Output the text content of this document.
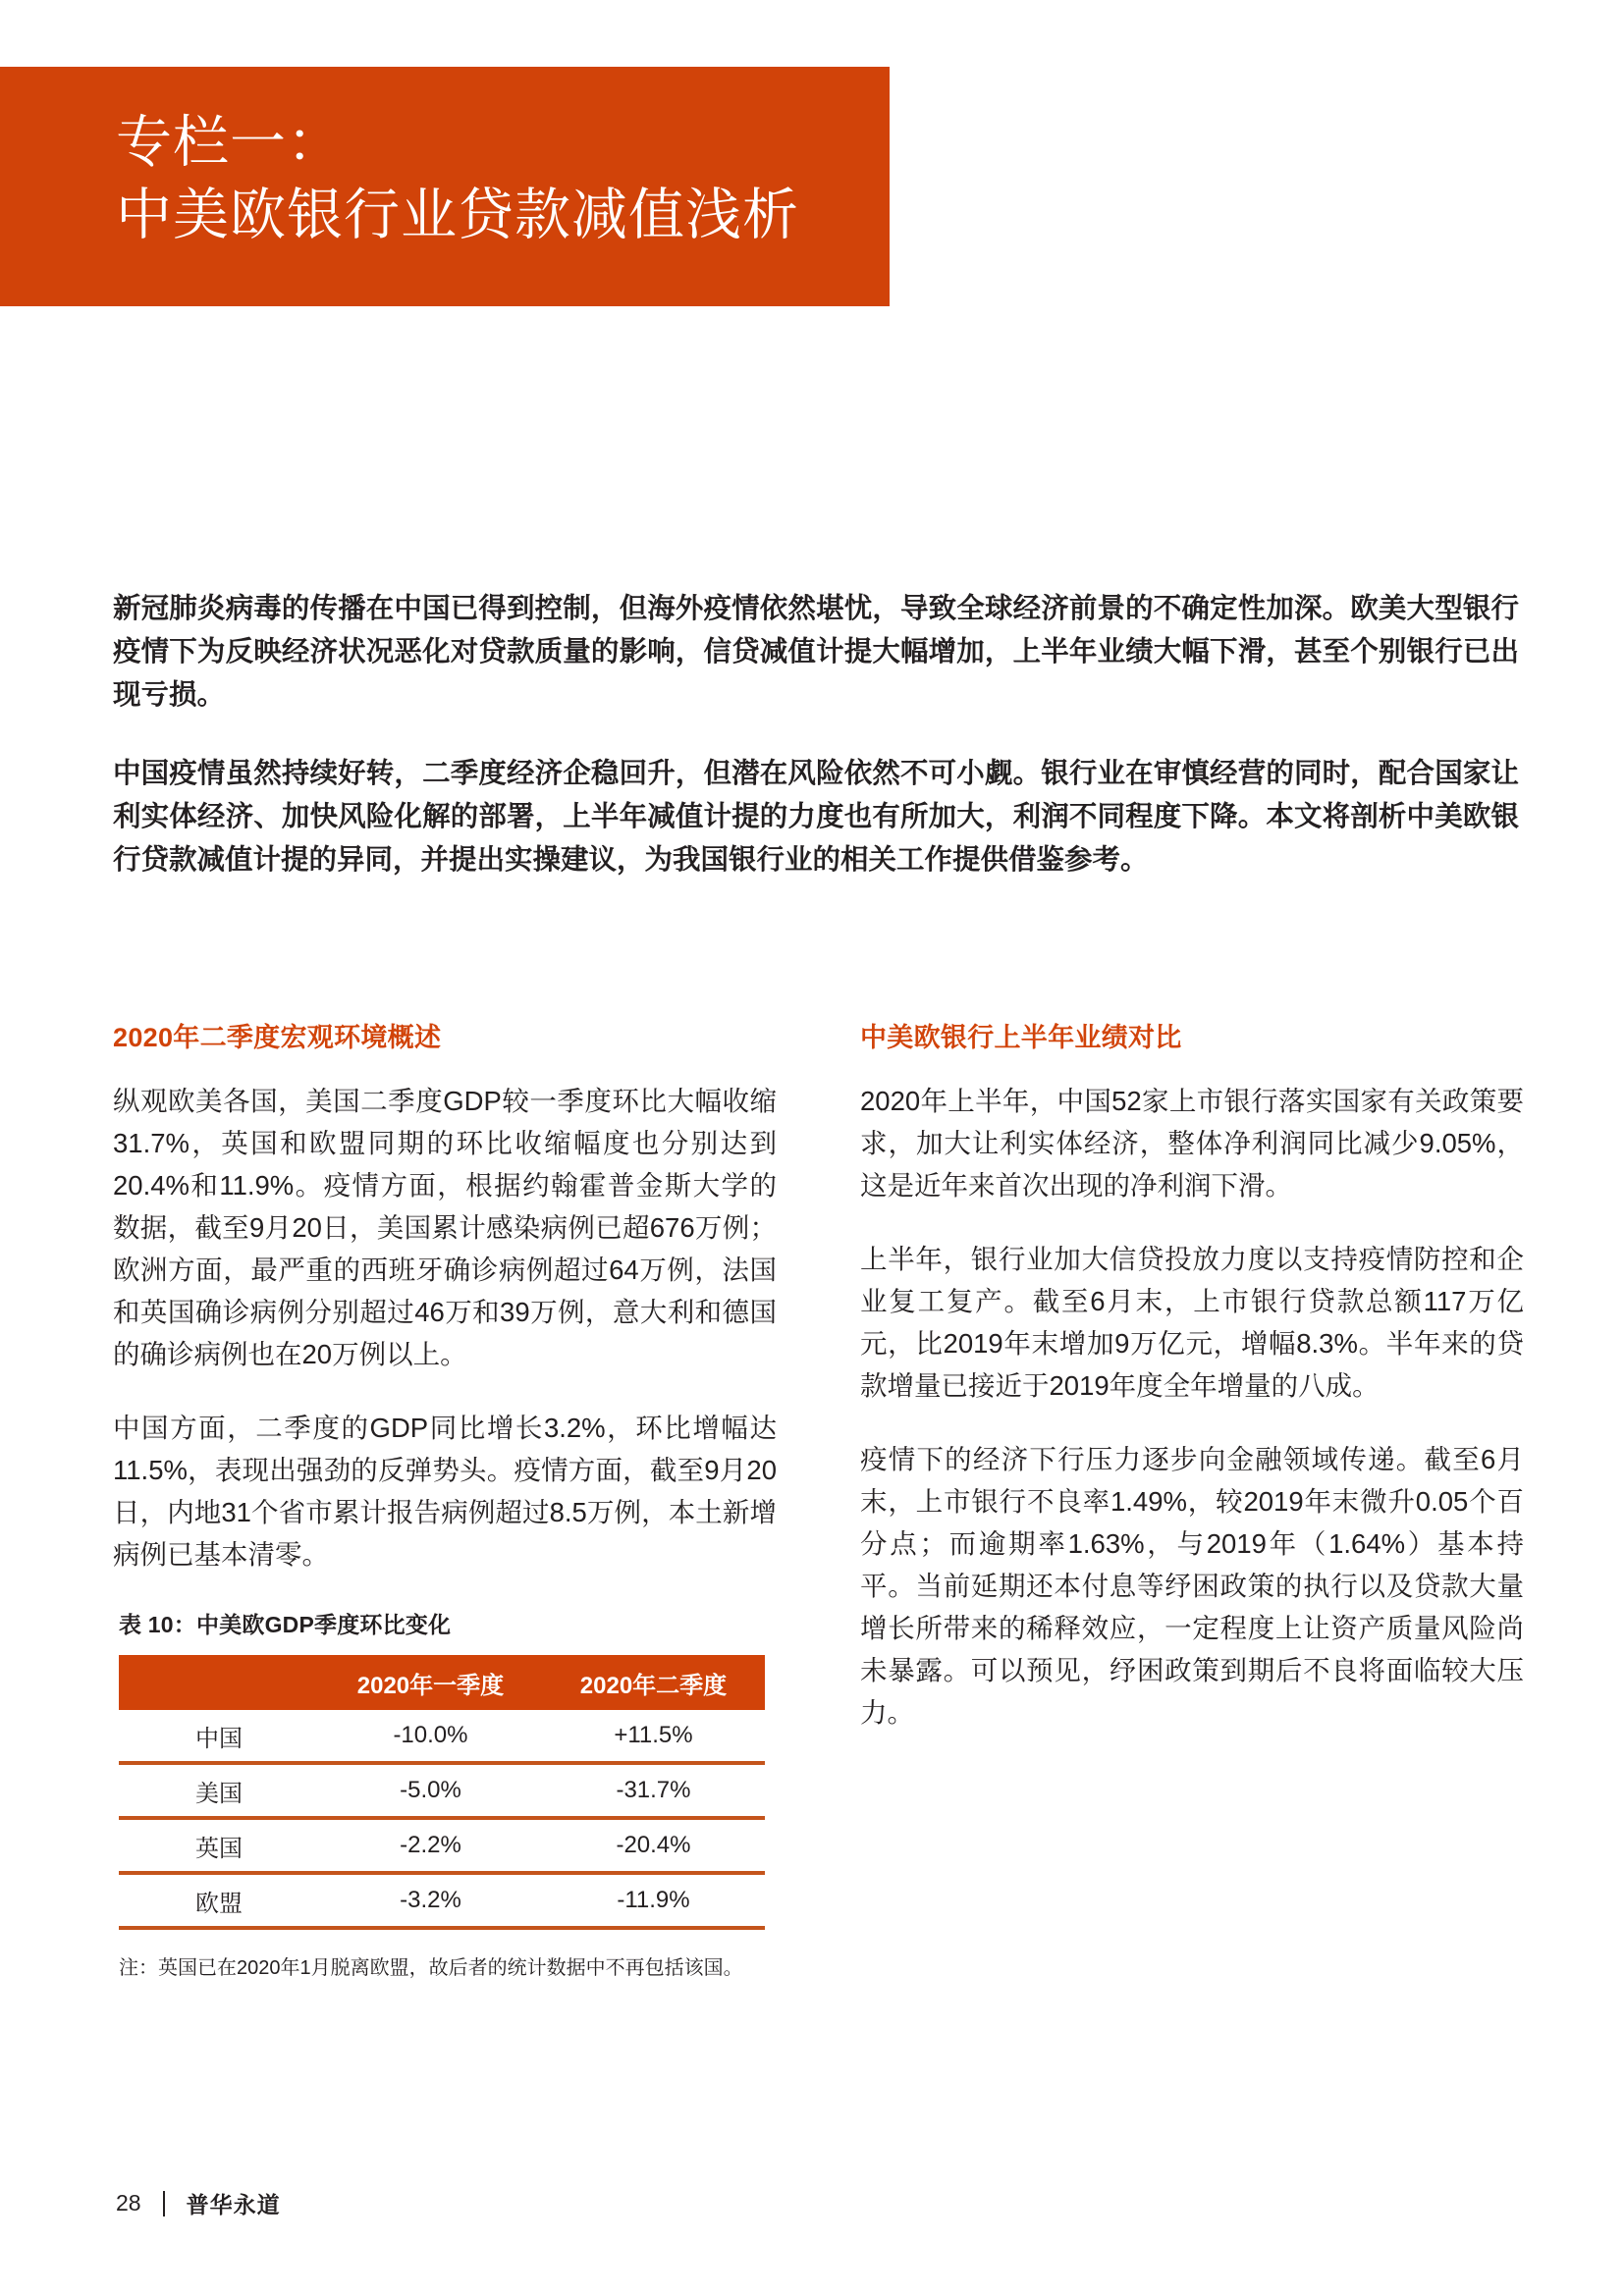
专栏一：
中美欧银行业贷款减值浅析

新冠肺炎病毒的传播在中国已得到控制，但海外疫情依然堪忧，导致全球经济前景的不确定性加深。欧美大型银行疫情下为反映经济状况恶化对贷款质量的影响，信贷减值计提大幅增加，上半年业绩大幅下滑，甚至个别银行已出现亏损。

中国疫情虽然持续好转，二季度经济企稳回升，但潜在风险依然不可小觑。银行业在审慎经营的同时，配合国家让利实体经济、加快风险化解的部署，上半年减值计提的力度也有所加大，利润不同程度下降。本文将剖析中美欧银行贷款减值计提的异同，并提出实操建议，为我国银行业的相关工作提供借鉴参考。

2020年二季度宏观环境概述

纵观欧美各国，美国二季度GDP较一季度环比大幅收缩31.7%，英国和欧盟同期的环比收缩幅度也分别达到20.4%和11.9%。疫情方面，根据约翰霍普金斯大学的数据，截至9月20日，美国累计感染病例已超676万例；欧洲方面，最严重的西班牙确诊病例超过64万例，法国和英国确诊病例分别超过46万和39万例，意大利和德国的确诊病例也在20万例以上。

中国方面，二季度的GDP同比增长3.2%，环比增幅达11.5%，表现出强劲的反弹势头。疫情方面，截至9月20日，内地31个省市累计报告病例超过8.5万例，本土新增病例已基本清零。

表 10：中美欧GDP季度环比变化
	2020年一季度	2020年二季度
中国	-10.0%	+11.5%
美国	-5.0%	-31.7%
英国	-2.2%	-20.4%
欧盟	-3.2%	-11.9%
注：英国已在2020年1月脱离欧盟，故后者的统计数据中不再包括该国。
中美欧银行上半年业绩对比

2020年上半年，中国52家上市银行落实国家有关政策要求，加大让利实体经济，整体净利润同比减少9.05%，这是近年来首次出现的净利润下滑。

上半年，银行业加大信贷投放力度以支持疫情防控和企业复工复产。截至6月末，上市银行贷款总额117万亿元，比2019年末增加9万亿元，增幅8.3%。半年来的贷款增量已接近于2019年度全年增量的八成。

疫情下的经济下行压力逐步向金融领域传递。截至6月末，上市银行不良率1.49%，较2019年末微升0.05个百分点；而逾期率1.63%，与2019年（1.64%）基本持平。当前延期还本付息等纾困政策的执行以及贷款大量增长所带来的稀释效应，一定程度上让资产质量风险尚未暴露。可以预见，纾困政策到期后不良将面临较大压力。

28 普华永道
